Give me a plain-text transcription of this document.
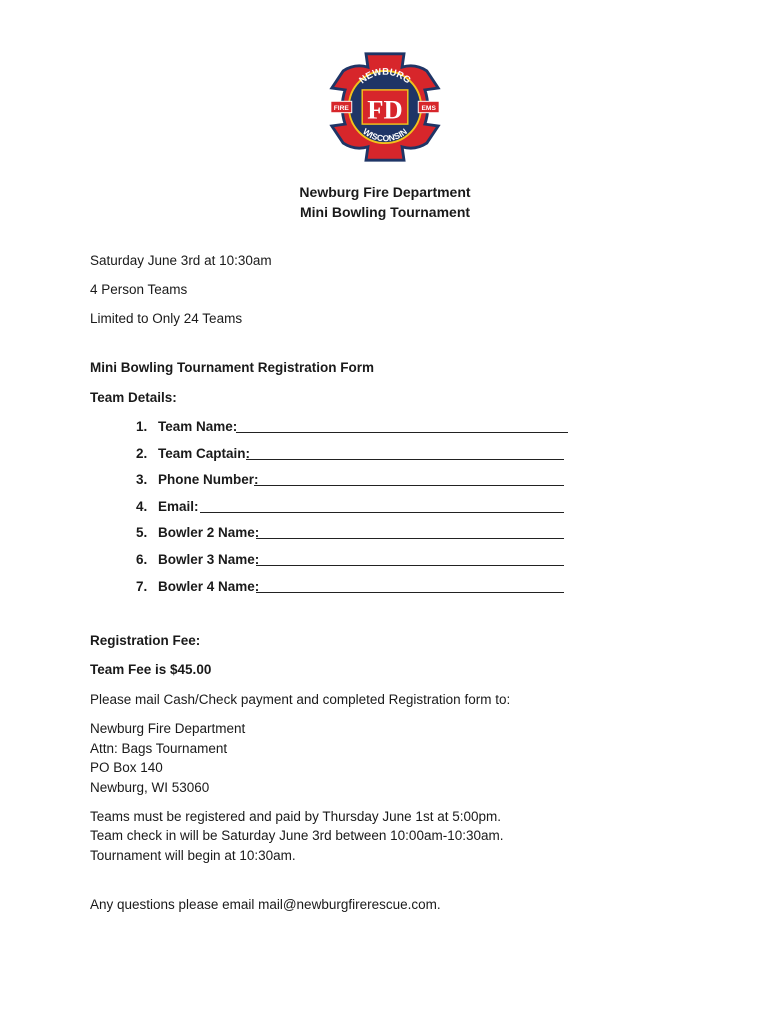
NEWBURG
WISCONSIN
FIRE	EMS
FD
Newburg Fire Department
Mini Bowling Tournament
Saturday June 3rd at 10:30am
4 Person Teams
Limited to Only 24 Teams
Mini Bowling Tournament Registration Form
Team Details:
1. Team Name:
2. Team Captain:
3. Phone Number:
4. Email:
5. Bowler 2 Name:
6. Bowler 3 Name:
7. Bowler 4 Name:
Registration Fee:
Team Fee is $45.00
Please mail Cash/Check payment and completed Registration form to:
Newburg Fire Department
Attn: Bags Tournament
PO Box 140
Newburg, WI 53060
Teams must be registered and paid by Thursday June 1st at 5:00pm.
Team check in will be Saturday June 3rd between 10:00am-10:30am.
Tournament will begin at 10:30am.
Any questions please email mail@newburgfirerescue.com.
